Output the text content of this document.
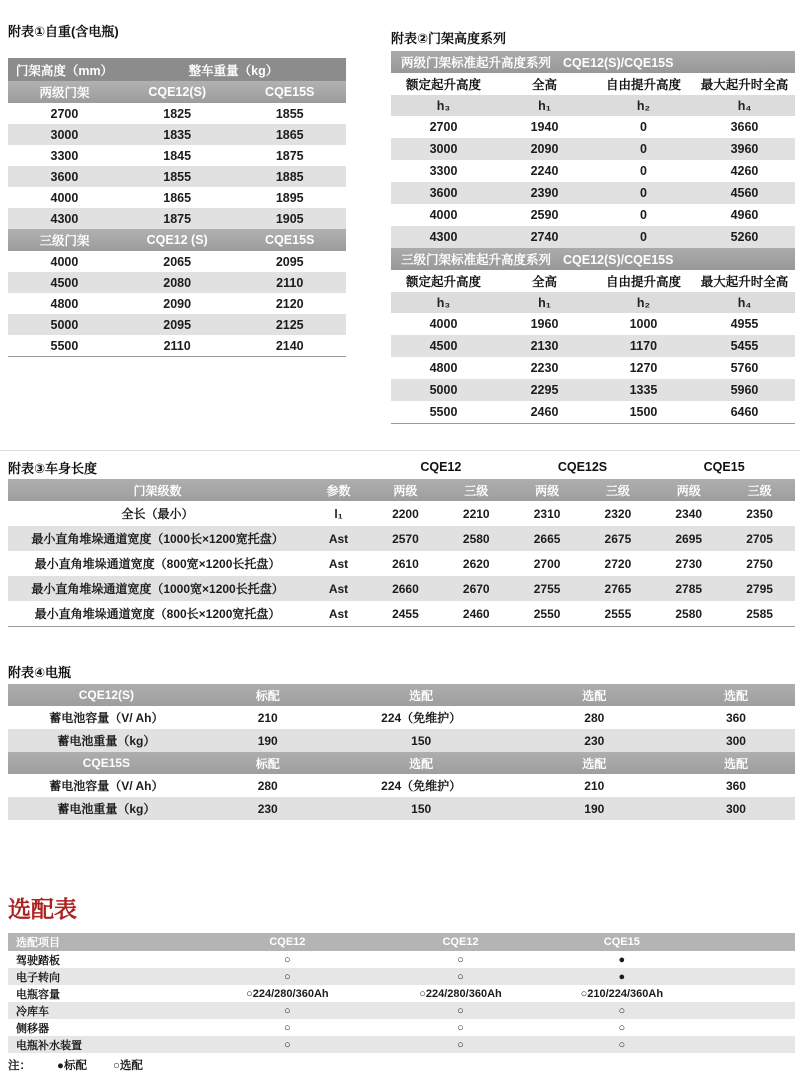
附表①自重(含电瓶)
门架高度（mm）	整车重量（kg）	
两级门架	CQE12(S)	CQE15S
2700	1825	1855
3000	1835	1865
3300	1845	1875
3600	1855	1885
4000	1865	1895
4300	1875	1905
三级门架	CQE12 (S)	CQE15S
4000	2065	2095
4500	2080	2110
4800	2090	2120
5000	2095	2125
5500	2110	2140
附表②门架高度系列
两级门架标准起升高度系列 CQE12(S)/CQE15S			
额定起升高度	全高	自由提升高度	最大起升时全高
h₃	h₁	h₂	h₄
2700	1940	0	3660
3000	2090	0	3960
3300	2240	0	4260
3600	2390	0	4560
4000	2590	0	4960
4300	2740	0	5260
三级门架标准起升高度系列 CQE12(S)/CQE15S			
额定起升高度	全高	自由提升高度	最大起升时全高
h₃	h₁	h₂	h₄
4000	1960	1000	4955
4500	2130	1170	5455
4800	2230	1270	5760
5000	2295	1335	5960
5500	2460	1500	6460
附表③车身长度
		CQE12		CQE12S		CQE15	
门架级数	参数	两级	三级	两级	三级	两级	三级
全长（最小）	l₁	2200	2210	2310	2320	2340	2350
最小直角堆垛通道宽度（1000长×1200宽托盘）	Ast	2570	2580	2665	2675	2695	2705
最小直角堆垛通道宽度（800宽×1200长托盘）	Ast	2610	2620	2700	2720	2730	2750
最小直角堆垛通道宽度（1000宽×1200长托盘）	Ast	2660	2670	2755	2765	2785	2795
最小直角堆垛通道宽度（800长×1200宽托盘）	Ast	2455	2460	2550	2555	2580	2585
附表④电瓶
CQE12(S)	标配	选配	选配	选配
蓄电池容量（V/ Ah）	210	224（免维护）	280	360
蓄电池重量（kg）	190	150	230	300
CQE15S	标配	选配	选配	选配
蓄电池容量（V/ Ah）	280	224（免维护）	210	360
蓄电池重量（kg）	230	150	190	300
选配表
选配项目	CQE12	CQE12	CQE15	
驾驶踏板	○	○	●	
电子转向	○	○	●	
电瓶容量	○224/280/360Ah	○224/280/360Ah	○210/224/360Ah	
冷库车	○	○	○	
侧移器	○	○	○	
电瓶补水装置	○	○	○	
注： ●标配 ○选配
